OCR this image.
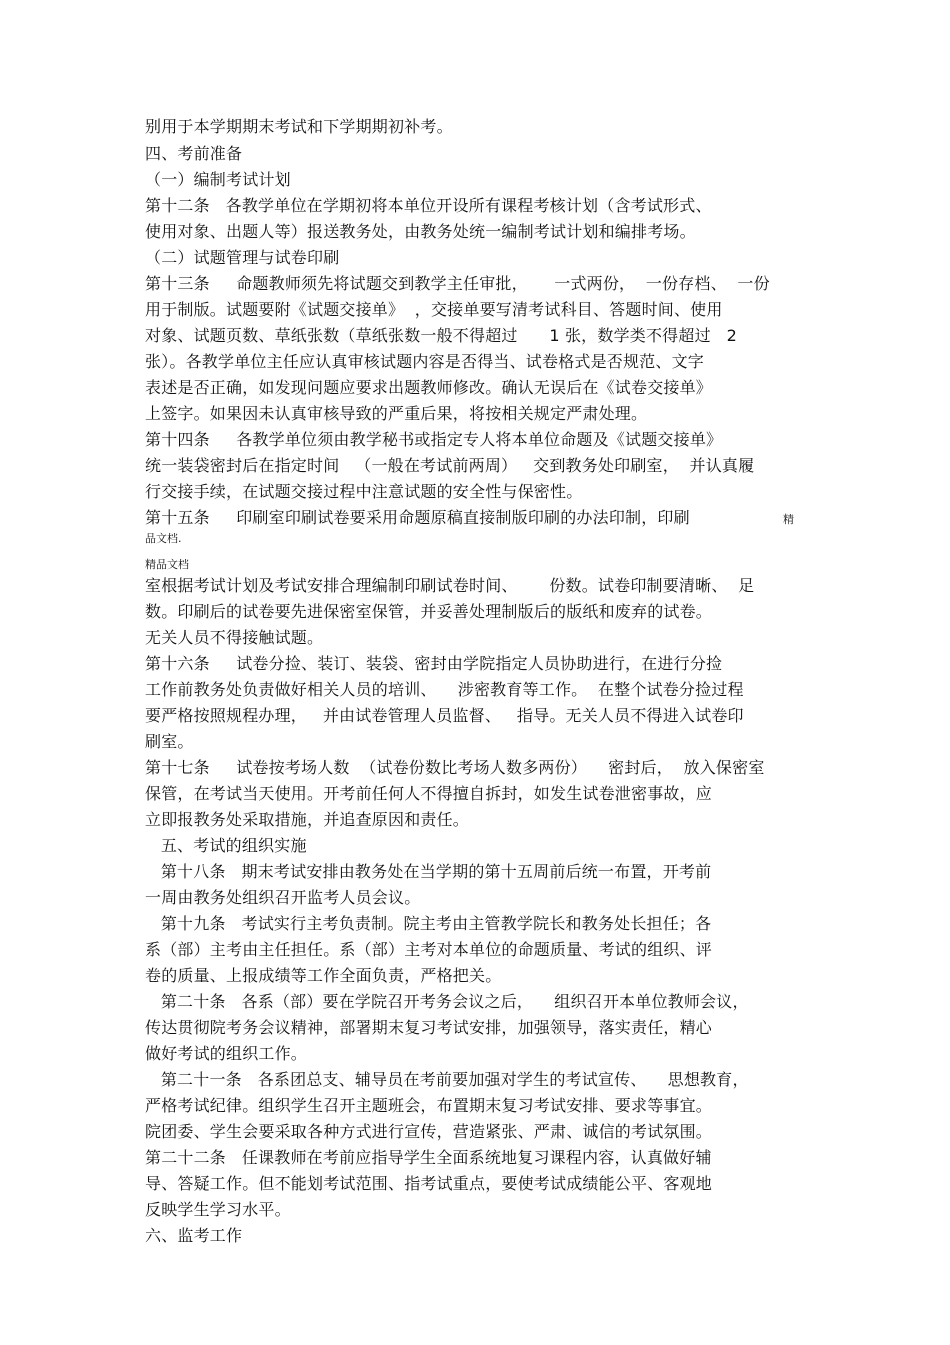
别用于本学期期末考试和下学期期初补考。
四、考前准备
（一）编制考试计划
第十二条   各教学单位在学期初将本单位开设所有课程考核计划（含考试形式、
使用对象、出题人等）报送教务处，由教务处统一编制考试计划和编排考场。
（二）试题管理与试卷印刷
第十三条     命题教师须先将试题交到教学主任审批，     一式两份，  一份存档、  一份
用于制版。试题要附《试题交接单》  ，交接单要写清考试科目、答题时间、使用
对象、试题页数、草纸张数（草纸张数一般不得超过      1 张，数学类不得超过   2
张）。各教学单位主任应认真审核试题内容是否得当、试卷格式是否规范、文字
表述是否正确，如发现问题应要求出题教师修改。确认无误后在《试卷交接单》
上签字。如果因未认真审核导致的严重后果，将按相关规定严肃处理。
第十四条     各教学单位须由教学秘书或指定专人将本单位命题及《试题交接单》
统一装袋密封后在指定时间   （一般在考试前两周）   交到教务处印刷室，  并认真履
行交接手续，在试题交接过程中注意试题的安全性与保密性。
第十五条     印刷室印刷试卷要采用命题原稿直接制版印刷的办法印制，印刷	精
品文档.
精品文档
室根据考试计划及考试安排合理编制印刷试卷时间、      份数。试卷印制要清晰、  足
数。印刷后的试卷要先进保密室保管，并妥善处理制版后的版纸和废弃的试卷。
无关人员不得接触试题。
第十六条     试卷分捡、装订、装袋、密封由学院指定人员协助进行，在进行分捡
工作前教务处负责做好相关人员的培训、    涉密教育等工作。  在整个试卷分捡过程
要严格按照规程办理，   并由试卷管理人员监督、   指导。无关人员不得进入试卷印
刷室。
第十七条     试卷按考场人数  （试卷份数比考场人数多两份）    密封后，  放入保密室
保管，在考试当天使用。开考前任何人不得擅自拆封，如发生试卷泄密事故，应
立即报教务处采取措施，并追查原因和责任。
五、考试的组织实施
第十八条   期末考试安排由教务处在当学期的第十五周前后统一布置，开考前
一周由教务处组织召开监考人员会议。
第十九条   考试实行主考负责制。院主考由主管教学院长和教务处长担任；各
系（部）主考由主任担任。系（部）主考对本单位的命题质量、考试的组织、评
卷的质量、上报成绩等工作全面负责，严格把关。
第二十条   各系（部）要在学院召开考务会议之后，    组织召开本单位教师会议，
传达贯彻院考务会议精神，部署期末复习考试安排，加强领导，落实责任，精心
做好考试的组织工作。
第二十一条   各系团总支、辅导员在考前要加强对学生的考试宣传、    思想教育，
严格考试纪律。组织学生召开主题班会，布置期末复习考试安排、要求等事宜。
院团委、学生会要采取各种方式进行宣传，营造紧张、严肃、诚信的考试氛围。
第二十二条   任课教师在考前应指导学生全面系统地复习课程内容，认真做好辅
导、答疑工作。但不能划考试范围、指考试重点，要使考试成绩能公平、客观地
反映学生学习水平。
六、监考工作
